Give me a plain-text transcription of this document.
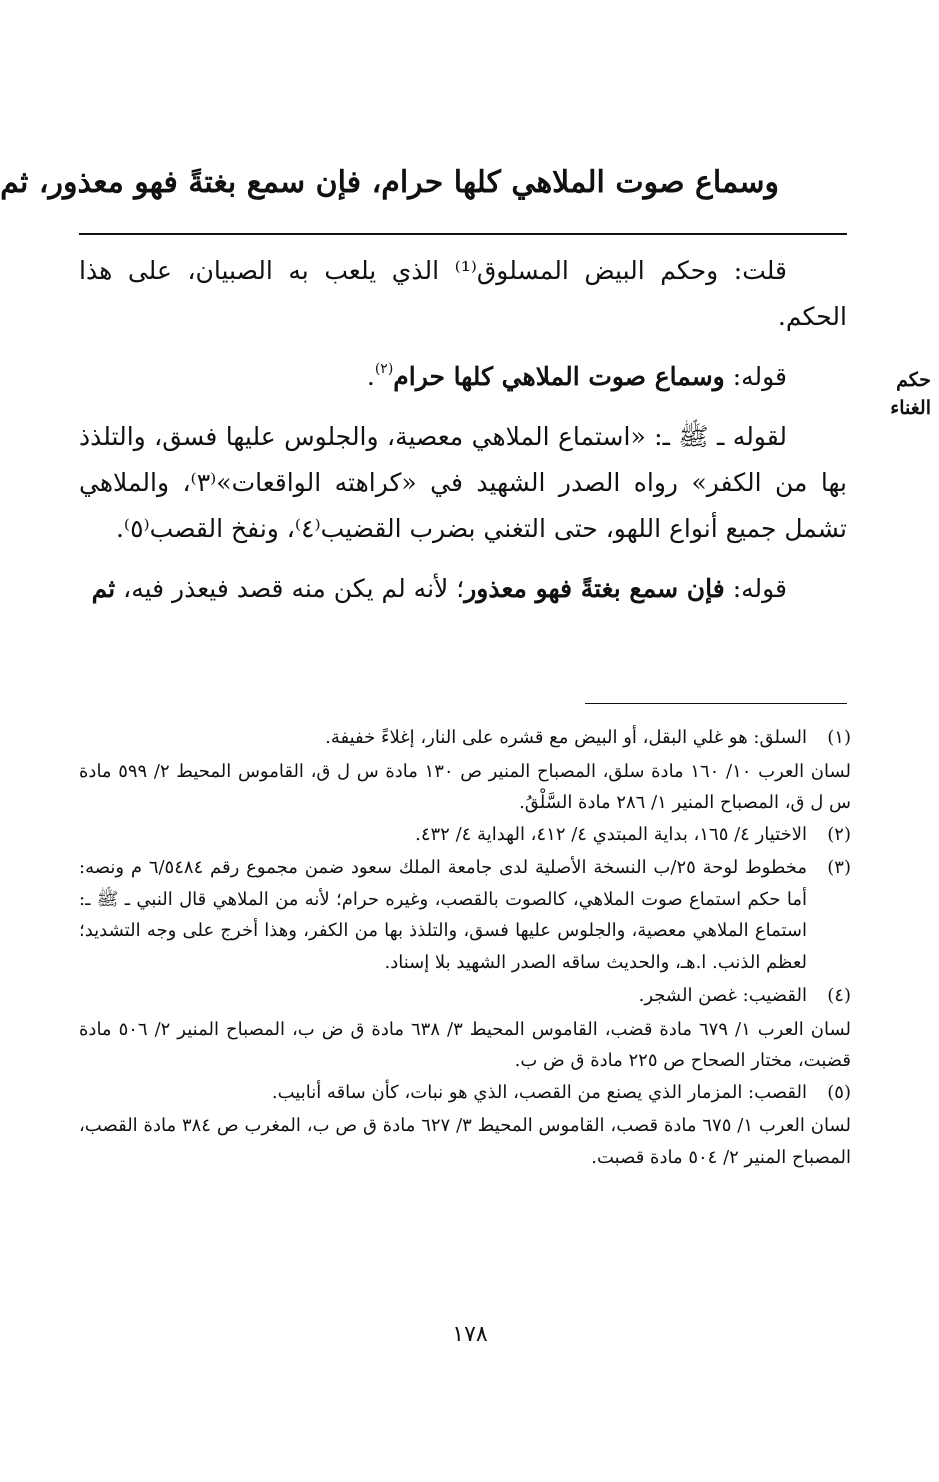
وسماع صوت الملاهي كلها حرام، فإن سمع بغتةً فهو معذور، ثم
حكم الغناء

قلت: وحكم البيض المسلوق⁽¹⁾ الذي يلعب به الصبيان، على هذا الحكم.

قوله: وسماع صوت الملاهي كلها حرام$^{(٢)}$.

لقوله ـ ﷺ ـ: «استماع الملاهي معصية، والجلوس عليها فسق، والتلذذ بها من الكفر» رواه الصدر الشهيد في «كراهته الواقعات»⁽٣⁾، والملاهي تشمل جميع أنواع اللهو، حتى التغني بضرب القضيب⁽٤⁾، ونفخ القصب⁽٥⁾.

قوله: فإن سمع بغتةً فهو معذور؛ لأنه لم يكن منه قصد فيعذر فيه، ثم

(١)
السلق: هو غلي البقل، أو البيض مع قشره على النار، إغلاءً خفيفة.
لسان العرب ١٠/ ١٦٠ مادة سلق، المصباح المنير ص ١٣٠ مادة س ل ق، القاموس المحيط ٢/ ٥٩٩ مادة س ل ق، المصباح المنير ١/ ٢٨٦ مادة السَّلْقُ.
(٢)
الاختيار ٤/ ١٦٥، بداية المبتدي ٤/ ٤١٢، الهداية ٤/ ٤٣٢.
(٣)
مخطوط لوحة ٢٥/ب النسخة الأصلية لدى جامعة الملك سعود ضمن مجموع رقم ٦/٥٤٨٤ م ونصه: أما حكم استماع صوت الملاهي، كالصوت بالقصب، وغيره حرام؛ لأنه من الملاهي قال النبي ـ ﷺ ـ: استماع الملاهي معصية، والجلوس عليها فسق، والتلذذ بها من الكفر، وهذا أخرج على وجه التشديد؛ لعظم الذنب. ا.هـ، والحديث ساقه الصدر الشهيد بلا إسناد.
(٤)
القضيب: غصن الشجر.
لسان العرب ١/ ٦٧٩ مادة قضب، القاموس المحيط ٣/ ٦٣٨ مادة ق ض ب، المصباح المنير ٢/ ٥٠٦ مادة قضبت، مختار الصحاح ص ٢٢٥ مادة ق ض ب.
(٥)
القصب: المزمار الذي يصنع من القصب، الذي هو نبات، كأن ساقه أنابيب.
لسان العرب ١/ ٦٧٥ مادة قصب، القاموس المحيط ٣/ ٦٢٧ مادة ق ص ب، المغرب ص ٣٨٤ مادة القصب، المصباح المنير ٢/ ٥٠٤ مادة قصبت.
١٧٨
